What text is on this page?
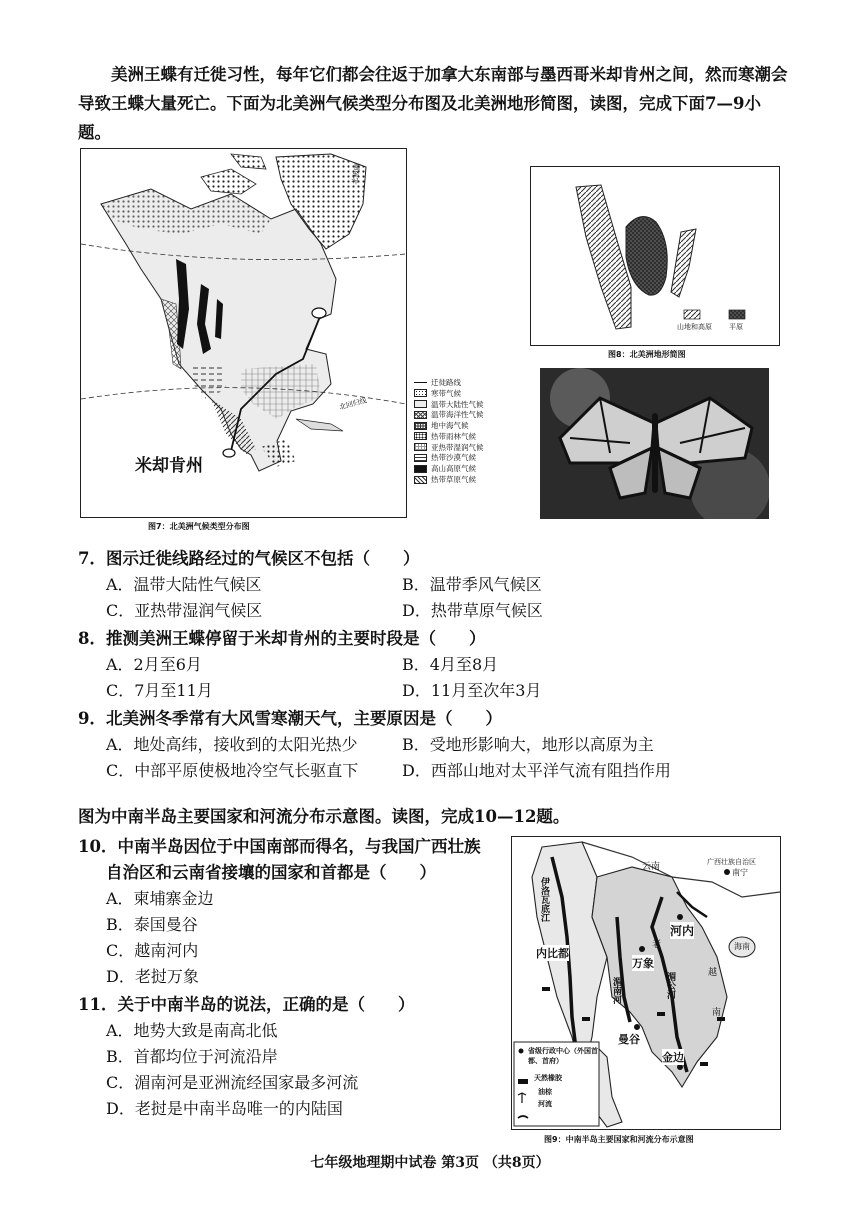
美洲王蝶有迁徙习性，每年它们都会往返于加拿大东南部与墨西哥米却肯州之间，然而寒潮会导致王蝶大量死亡。下面为北美洲气候类型分布图及北美洲地形简图，读图，完成下面7—9小题。
北极圈
北回归线
米却肯州
迁徙路线
寒带气候
温带大陆性气候
温带海洋性气候
地中海气候
热带雨林气候
亚热带湿润气候
热带沙漠气候
高山高原气候
热带草原气候
图7：北美洲气候类型分布图
山地和高原 平原
图8：北美洲地形简图
7．图示迁徙线路经过的气候区不包括（　　）
A．温带大陆性气候区	B．温带季风气候区
C．亚热带湿润气候区	D．热带草原气候区
8．推测美洲王蝶停留于米却肯州的主要时段是（　　）
A．2月至6月	B．4月至8月
C．7月至11月	D．11月至次年3月
9．北美洲冬季常有大风雪寒潮天气，主要原因是（　　）
A．地处高纬，接收到的太阳光热少	B．受地形影响大，地形以高原为主
C．中部平原使极地冷空气长驱直下	D．西部山地对太平洋气流有阻挡作用
图为中南半岛主要国家和河流分布示意图。读图，完成10—12题。
10．中南半岛因位于中国南部而得名，与我国广西壮族
自治区和云南省接壤的国家和首都是（　　）
A．柬埔寨金边
B．泰国曼谷
C．越南河内
D．老挝万象
11．关于中南半岛的说法，正确的是（　　）
A．地势大致是南高北低
B．首都均位于河流沿岸
C．湄南河是亚洲流经国家最多河流
D．老挝是中南半岛唯一的内陆国
云南	广西壮族自治区
南宁
河内
海南
内比都
万象
曼谷
金边
伊洛瓦底江
湄南河	湄公河
老
越
南
省级行政中心（外国首都、首府）
天然橡胶
油棕
河流
图9：中南半岛主要国家和河流分布示意图
七年级地理期中试卷 第3页 （共8页）
